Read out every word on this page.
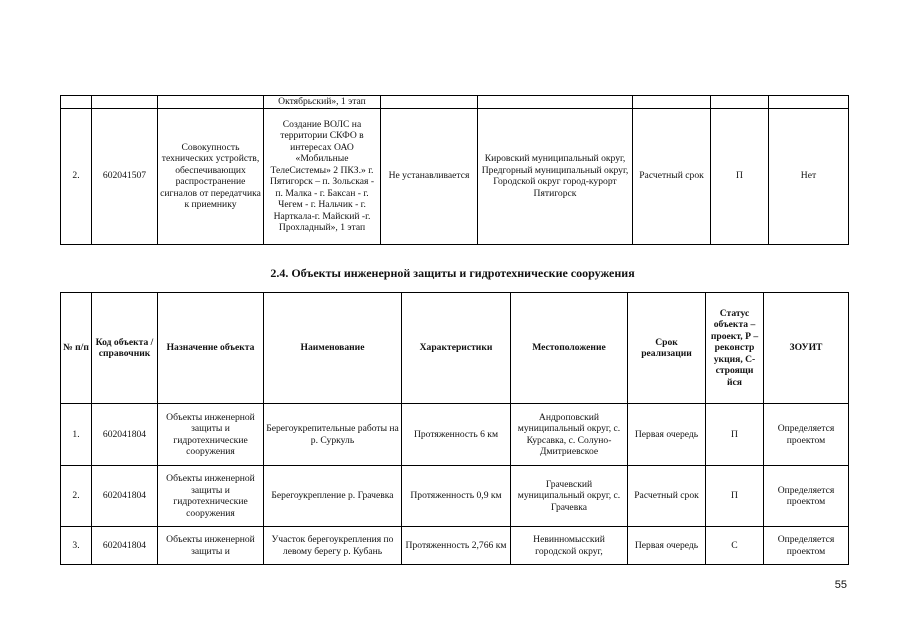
			Октябрьский», 1 этап					
2.	602041507	Совокупность технических устройств, обеспечивающих распространение сигналов от передатчика к приемнику	Создание ВОЛС на территории СКФО в интересах ОАО «Мобильные ТелеСистемы» 2 ПКЗ.» г. Пятигорск – п. Зольская - п. Малка - г. Баксан - г. Чегем - г. Нальчик - г. Нарткала-г. Майский -г. Прохладный», 1 этап	Не устанавливается	Кировский муниципальный округ, Предгорный муниципальный округ, Городской округ город-курорт Пятигорск	Расчетный срок	П	Нет
2.4. Объекты инженерной защиты и гидротехнические сооружения
№ п/п	Код объекта / справочник	Назначение объекта	Наименование	Характеристики	Местоположение	Срок реализации	Статус объекта – проект, Р – реконстр укция, С- строящи йся	ЗОУИТ
1.	602041804	Объекты инженерной защиты и гидротехнические сооружения	Берегоукрепительные работы на р. Суркуль	Протяженность 6 км	Андроповский муниципальный округ, с. Курсавка, с. Солуно-Дмитриевское	Первая очередь	П	Определяется проектом
2.	602041804	Объекты инженерной защиты и гидротехнические сооружения	Берегоукрепление р. Грачевка	Протяженность 0,9 км	Грачевский муниципальный округ, с. Грачевка	Расчетный срок	П	Определяется проектом
3.	602041804	Объекты инженерной защиты и	Участок берегоукрепления по левому берегу р. Кубань	Протяженность 2,766 км	Невинномысский городской округ,	Первая очередь	С	Определяется проектом
55
